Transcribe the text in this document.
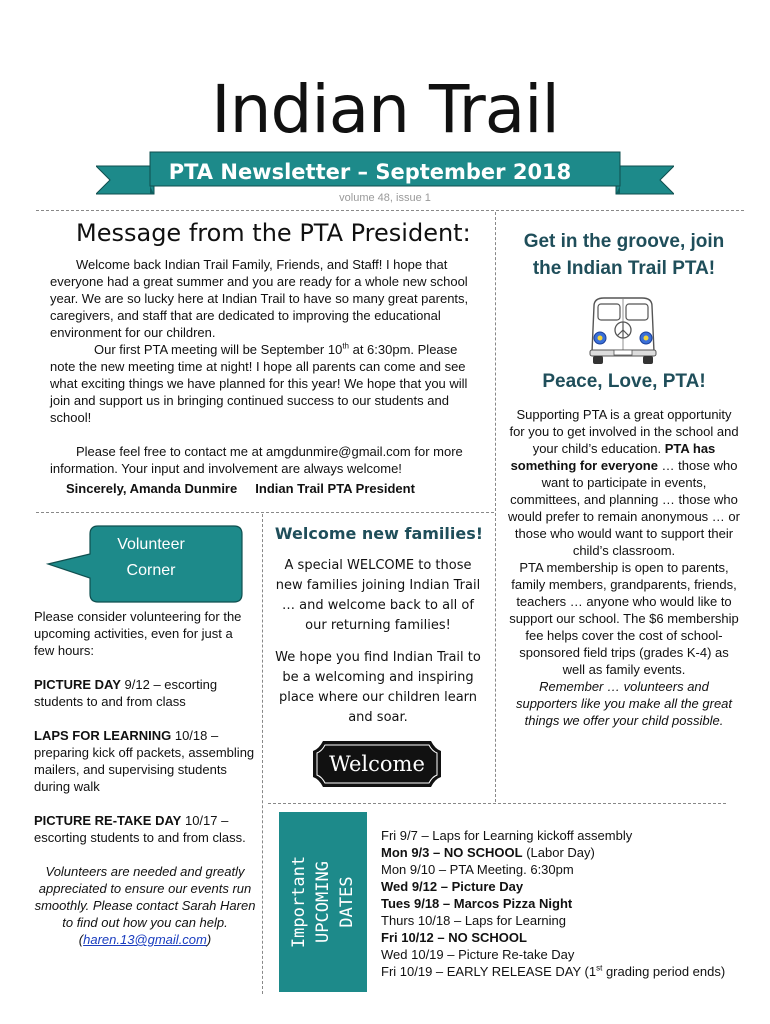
Indian Trail
PTA Newsletter – September 2018
volume 48, issue 1
Message from the PTA President:

Welcome back Indian Trail Family, Friends, and Staff! I hope that everyone had a great summer and you are ready for a whole new school year. We are so lucky here at Indian Trail to have so many great parents, caregivers, and staff that are dedicated to improving the educational environment for our children.

Our first PTA meeting will be September 10th at 6:30pm. Please note the new meeting time at night! I hope all parents can come and see what exciting things we have planned for this year! We hope that you will join and support us in bringing continued success to our students and school!

Please feel free to contact me at amgdunmire@gmail.com for more information. Your input and involvement are always welcome!

Sincerely, Amanda Dunmire     Indian Trail PTA President
Get in the groove, join the Indian Trail PTA!
Peace, Love, PTA!

Supporting PTA is a great opportunity for you to get involved in the school and your child’s education. PTA has something for everyone … those who want to participate in events, committees, and planning … those who would prefer to remain anonymous … or those who would want to support their child’s classroom.

PTA membership is open to parents, family members, grandparents, friends, teachers … anyone who would like to support our school. The $6 membership fee helps cover the cost of school-sponsored field trips (grades K-4) as well as family events.

Remember … volunteers and supporters like you make all the great things we offer your child possible.

Volunteer Corner

Please consider volunteering for the upcoming activities, even for just a few hours:

PICTURE DAY 9/12 – escorting students to and from class

LAPS FOR LEARNING 10/18 – preparing kick off packets, assembling mailers, and supervising students during walk

PICTURE RE-TAKE DAY 10/17 – escorting students to and from class.

Volunteers are needed and greatly appreciated to ensure our events run smoothly. Please contact Sarah Haren to find out how you can help.
(haren.13@gmail.com)

Welcome new families!

A special WELCOME to those new families joining Indian Trail … and welcome back to all of our returning families!

We hope you find Indian Trail to be a welcoming and inspiring place where our children learn and soar.

Welcome
Important UPCOMING DATES
Fri 9/7 – Laps for Learning kickoff assembly
Mon 9/3 – NO SCHOOL (Labor Day)
Mon 9/10 – PTA Meeting. 6:30pm
Wed 9/12 – Picture Day
Tues 9/18 – Marcos Pizza Night
Thurs 10/18 – Laps for Learning
Fri 10/12 – NO SCHOOL
Wed 10/19 – Picture Re-take Day
Fri 10/19 – EARLY RELEASE DAY (1st grading period ends)
